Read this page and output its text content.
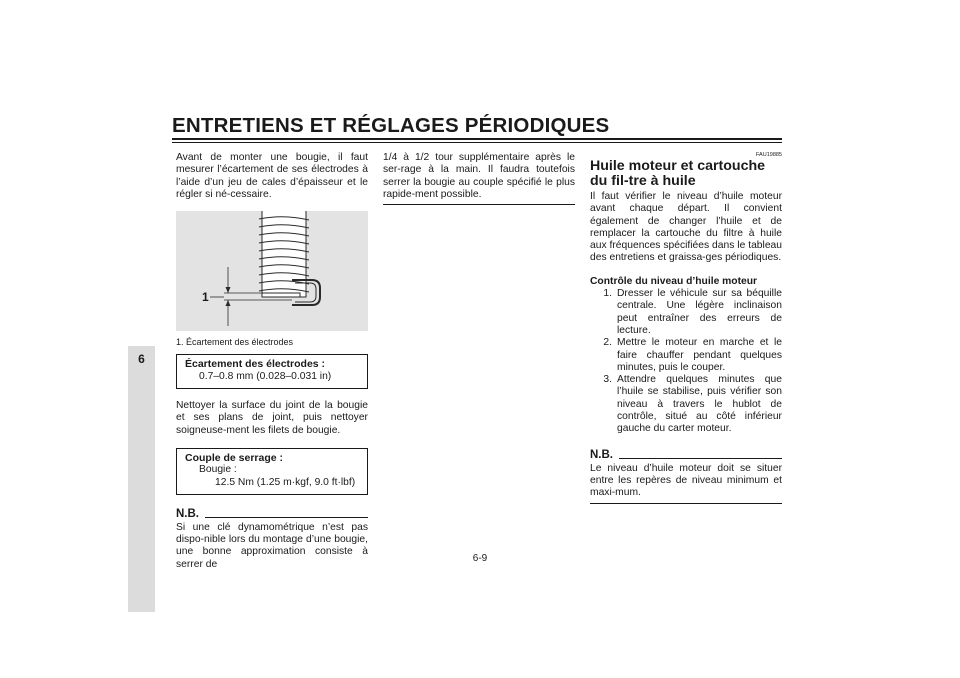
ENTRETIENS ET RÉGLAGES PÉRIODIQUES
6

Avant de monter une bougie, il faut mesurer l’écartement de ses électrodes à l’aide d’un jeu de cales d’épaisseur et le régler si né-cessaire.

1
1. Écartement des électrodes
Écartement des électrodes :
0.7–0.8 mm (0.028–0.031 in)

Nettoyer la surface du joint de la bougie et ses plans de joint, puis nettoyer soigneuse-ment les filets de bougie.

Couple de serrage :
Bougie :
12.5 Nm (1.25 m·kgf, 9.0 ft·lbf)
N.B.

Si une clé dynamométrique n’est pas dispo-nible lors du montage d’une bougie, une bonne approximation consiste à serrer de

1/4 à 1/2 tour supplémentaire après le ser-rage à la main. Il faudra toutefois serrer la bougie au couple spécifié le plus rapide-ment possible.

FAU19885
Huile moteur et cartouche du fil-tre à huile

Il faut vérifier le niveau d’huile moteur avant chaque départ. Il convient également de changer l’huile et de remplacer la cartouche du filtre à huile aux fréquences spécifiées dans le tableau des entretiens et graissa-ges périodiques.

Contrôle du niveau d’huile moteur
1. Dresser le véhicule sur sa béquille centrale. Une légère inclinaison peut entraîner des erreurs de lecture.
2. Mettre le moteur en marche et le faire chauffer pendant quelques minutes, puis le couper.
3. Attendre quelques minutes que l’huile se stabilise, puis vérifier son niveau à travers le hublot de contrôle, situé au côté inférieur gauche du carter moteur.
N.B.

Le niveau d’huile moteur doit se situer entre les repères de niveau minimum et maxi-mum.

6-9
